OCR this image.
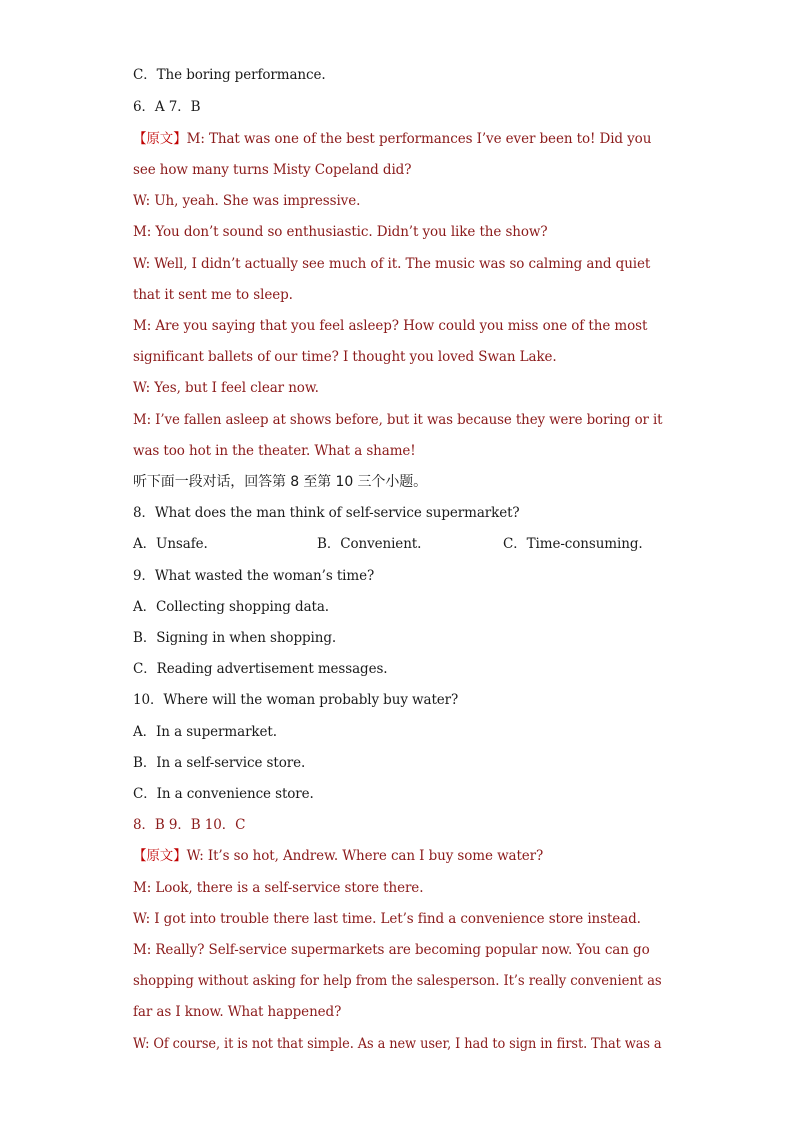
C．The boring performance.
6．A 7．B
【原文】M: That was one of the best performances I’ve ever been to! Did you
see how many turns Misty Copeland did?
W: Uh, yeah. She was impressive.
M: You don’t sound so enthusiastic. Didn’t you like the show?
W: Well, I didn’t actually see much of it. The music was so calming and quiet
that it sent me to sleep.
M: Are you saying that you feel asleep? How could you miss one of the most
significant ballets of our time? I thought you loved Swan Lake.
W: Yes, but I feel clear now.
M: I’ve fallen asleep at shows before, but it was because they were boring or it
was too hot in the theater. What a shame!
听下面一段对话，回答第 8 至第 10 三个小题。
8．What does the man think of self-service supermarket?
A．Unsafe.	B．Convenient.	C．Time-consuming.
9．What wasted the woman’s time?
A．Collecting shopping data.
B．Signing in when shopping.
C．Reading advertisement messages.
10．Where will the woman probably buy water?
A．In a supermarket.
B．In a self-service store.
C．In a convenience store.
8．B 9．B 10．C
【原文】W: It’s so hot, Andrew. Where can I buy some water?
M: Look, there is a self-service store there.
W: I got into trouble there last time. Let’s find a convenience store instead.
M: Really? Self-service supermarkets are becoming popular now. You can go
shopping without asking for help from the salesperson. It’s really convenient as
far as I know. What happened?
W: Of course, it is not that simple. As a new user, I had to sign in first. That was a
